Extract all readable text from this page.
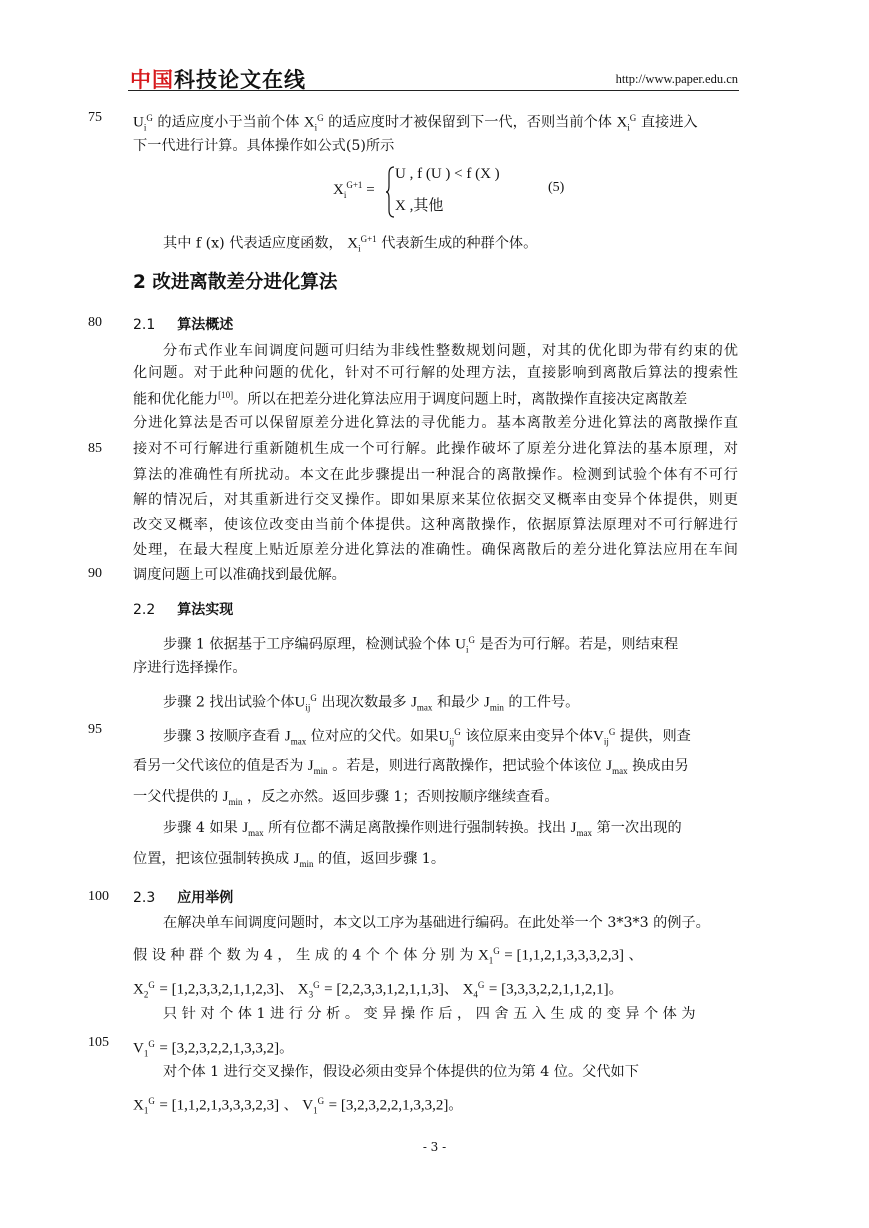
中国科技论文在线	http://www.paper.edu.cn
75
80
85
90
95
100
105
$U_i^G$ 的适应度小于当前个体 $X_i^G$ 的适应度时才被保留到下一代，否则当前个体 $X_i^G$ 直接进入
下一代进行计算。具体操作如公式(5)所示
$X_i^{G+1}$ =
U , f (U ) < f (X )
X ,其他
(5)
其中 f (x) 代表适应度函数， $X_i^{G+1}$ 代表新生成的种群个体。
2 改进离散差分进化算法
2.1 算法概述
分布式作业车间调度问题可归结为非线性整数规划问题，对其的优化即为带有约束的优
化问题。对于此种问题的优化，针对不可行解的处理方法，直接影响到离散后算法的搜索性
能和优化能力[10]。所以在把差分进化算法应用于调度问题上时，离散操作直接决定离散差
分进化算法是否可以保留原差分进化算法的寻优能力。基本离散差分进化算法的离散操作直
接对不可行解进行重新随机生成一个可行解。此操作破坏了原差分进化算法的基本原理，对
算法的准确性有所扰动。本文在此步骤提出一种混合的离散操作。检测到试验个体有不可行
解的情况后，对其重新进行交叉操作。即如果原来某位依据交叉概率由变异个体提供，则更
改交叉概率，使该位改变由当前个体提供。这种离散操作，依据原算法原理对不可行解进行
处理，在最大程度上贴近原差分进化算法的准确性。确保离散后的差分进化算法应用在车间
调度问题上可以准确找到最优解。
2.2 算法实现
步骤 1 依据基于工序编码原理，检测试验个体 $U_i^G$ 是否为可行解。若是，则结束程
序进行选择操作。
步骤 2 找出试验个体$U_{ij}^G$ 出现次数最多 $J_{max}$ 和最少 $J_{min}$ 的工件号。
步骤 3 按顺序查看 $J_{max}$ 位对应的父代。如果$U_{ij}^G$ 该位原来由变异个体$V_{ij}^G$ 提供，则查
看另一父代该位的值是否为 $J_{min}$ 。若是，则进行离散操作，把试验个体该位 $J_{max}$ 换成由另
一父代提供的 $J_{min}$ ，反之亦然。返回步骤 1；否则按顺序继续查看。
步骤 4 如果 $J_{max}$ 所有位都不满足离散操作则进行强制转换。找出 $J_{max}$ 第一次出现的
位置，把该位强制转换成 $J_{min}$ 的值，返回步骤 1。
2.3 应用举例
在解决单车间调度问题时，本文以工序为基础进行编码。在此处举一个 3*3*3 的例子。
假 设 种 群 个 数 为 4 ， 生 成 的 4 个 个 体 分 别 为 $X_1^G = [1,1,2,1,3,3,3,2,3]$ 、
$X_2^G = [1,2,3,3,2,1,1,2,3]$、 $X_3^G = [2,2,3,3,1,2,1,1,3]$、 $X_4^G = [3,3,3,2,2,1,1,2,1]$。
只 针 对 个 体 1 进 行 分 析 。 变 异 操 作 后 ， 四 舍 五 入 生 成 的 变 异 个 体 为
$V_1^G = [3,2,3,2,2,1,3,3,2]$。
对个体 1 进行交叉操作，假设必须由变异个体提供的位为第 4 位。父代如下
$X_1^G = [1,1,2,1,3,3,3,2,3]$ 、 $V_1^G = [3,2,3,2,2,1,3,3,2]$。
- 3 -
